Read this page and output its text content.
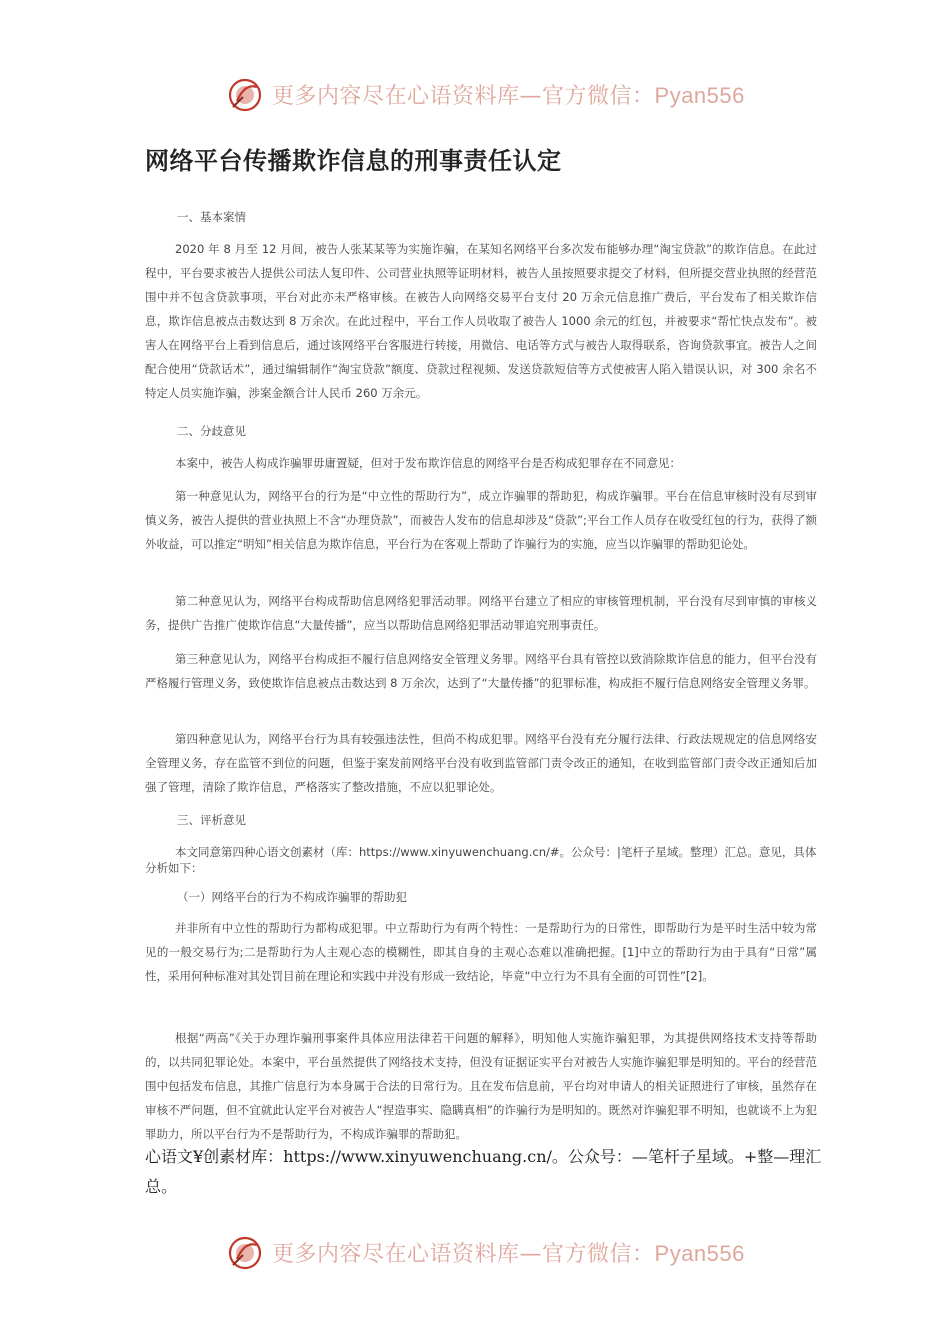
更多内容尽在心语资料库—官方微信：Pyan556
网络平台传播欺诈信息的刑事责任认定
一、基本案情
2020 年 8 月至 12 月间，被告人张某某等为实施诈骗，在某知名网络平台多次发布能够办理“淘宝贷款”的欺诈信息。在此过程中，平台要求被告人提供公司法人复印件、公司营业执照等证明材料，被告人虽按照要求提交了材料，但所提交营业执照的经营范围中并不包含贷款事项，平台对此亦未严格审核。在被告人向网络交易平台支付 20 万余元信息推广费后，平台发布了相关欺诈信息，欺诈信息被点击数达到 8 万余次。在此过程中，平台工作人员收取了被告人 1000 余元的红包，并被要求“帮忙快点发布”。被害人在网络平台上看到信息后，通过该网络平台客服进行转接，用微信、电话等方式与被告人取得联系，咨询贷款事宜。被告人之间配合使用“贷款话术”，通过编辑制作“淘宝贷款”额度、贷款过程视频、发送贷款短信等方式使被害人陷入错误认识，对 300 余名不特定人员实施诈骗，涉案金额合计人民币 260 万余元。
二、分歧意见
本案中，被告人构成诈骗罪毋庸置疑，但对于发布欺诈信息的网络平台是否构成犯罪存在不同意见：
第一种意见认为，网络平台的行为是“中立性的帮助行为”，成立诈骗罪的帮助犯，构成诈骗罪。平台在信息审核时没有尽到审慎义务，被告人提供的营业执照上不含“办理贷款”，而被告人发布的信息却涉及“贷款”;平台工作人员存在收受红包的行为，获得了额外收益，可以推定“明知”相关信息为欺诈信息，平台行为在客观上帮助了诈骗行为的实施，应当以诈骗罪的帮助犯论处。
第二种意见认为，网络平台构成帮助信息网络犯罪活动罪。网络平台建立了相应的审核管理机制，平台没有尽到审慎的审核义务，提供广告推广使欺诈信息“大量传播”，应当以帮助信息网络犯罪活动罪追究刑事责任。
第三种意见认为，网络平台构成拒不履行信息网络安全管理义务罪。网络平台具有管控以致消除欺诈信息的能力，但平台没有严格履行管理义务，致使欺诈信息被点击数达到 8 万余次，达到了“大量传播”的犯罪标准，构成拒不履行信息网络安全管理义务罪。
第四种意见认为，网络平台行为具有较强违法性，但尚不构成犯罪。网络平台没有充分履行法律、行政法规规定的信息网络安全管理义务，存在监管不到位的问题，但鉴于案发前网络平台没有收到监管部门责令改正的通知，在收到监管部门责令改正通知后加强了管理，清除了欺诈信息，严格落实了整改措施，不应以犯罪论处。
三、评析意见
本文同意第四种心语文创素材（库：https://www.xinyuwenchuang.cn/#。公众号：|笔杆子星域。整理）汇总。意见，具体分析如下：
（一）网络平台的行为不构成诈骗罪的帮助犯
并非所有中立性的帮助行为都构成犯罪。中立帮助行为有两个特性：一是帮助行为的日常性，即帮助行为是平时生活中较为常见的一般交易行为;二是帮助行为人主观心态的模糊性，即其自身的主观心态难以准确把握。[1]中立的帮助行为由于具有“日常”属性，采用何种标准对其处罚目前在理论和实践中并没有形成一致结论，毕竟“中立行为不具有全面的可罚性”[2]。
根据“两高”《关于办理诈骗刑事案件具体应用法律若干问题的解释》，明知他人实施诈骗犯罪，为其提供网络技术支持等帮助的，以共同犯罪论处。本案中，平台虽然提供了网络技术支持，但没有证据证实平台对被告人实施诈骗犯罪是明知的。平台的经营范围中包括发布信息，其推广信息行为本身属于合法的日常行为。且在发布信息前，平台均对申请人的相关证照进行了审核，虽然存在审核不严问题，但不宜就此认定平台对被告人“捏造事实、隐瞒真相”的诈骗行为是明知的。既然对诈骗犯罪不明知，也就谈不上为犯罪助力，所以平台行为不是帮助行为，不构成诈骗罪的帮助犯。
心语文¥创素材库：https://www.xinyuwenchuang.cn/。公众号：—笔杆子星域。+整—理汇总。
更多内容尽在心语资料库—官方微信：Pyan556
